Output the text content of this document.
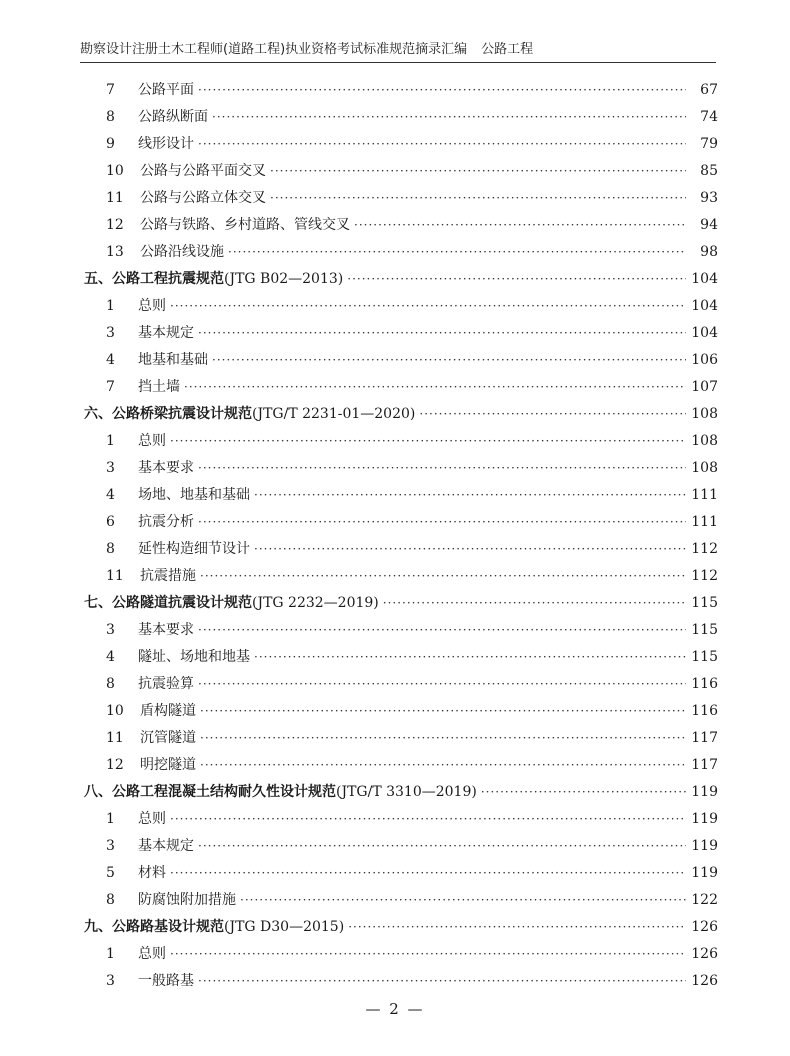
勘察设计注册土木工程师(道路工程)执业资格考试标准规范摘录汇编 公路工程
7 公路平面 ·····	67
8 公路纵断面 ·····	74
9 线形设计 ·····	79
10 公路与公路平面交叉 ·····	85
11 公路与公路立体交叉 ·····	93
12 公路与铁路、乡村道路、管线交叉 ·····	94
13 公路沿线设施 ·····	98
五、公路工程抗震规范(JTG B02—2013) ·····	104
1 总则 ·····	104
3 基本规定 ·····	104
4 地基和基础 ·····	106
7 挡土墙 ·····	107
六、公路桥梁抗震设计规范(JTG/T 2231-01—2020) ·····	108
1 总则 ·····	108
3 基本要求 ·····	108
4 场地、地基和基础 ·····	111
6 抗震分析 ·····	111
8 延性构造细节设计 ·····	112
11 抗震措施 ·····	112
七、公路隧道抗震设计规范(JTG 2232—2019) ·····	115
3 基本要求 ·····	115
4 隧址、场地和地基 ·····	115
8 抗震验算 ·····	116
10 盾构隧道 ·····	116
11 沉管隧道 ·····	117
12 明挖隧道 ·····	117
八、公路工程混凝土结构耐久性设计规范(JTG/T 3310—2019) ·····	119
1 总则 ·····	119
3 基本规定 ·····	119
5 材料 ·····	119
8 防腐蚀附加措施 ·····	122
九、公路路基设计规范(JTG D30—2015) ·····	126
1 总则 ·····	126
3 一般路基 ·····	126
— 2 —
